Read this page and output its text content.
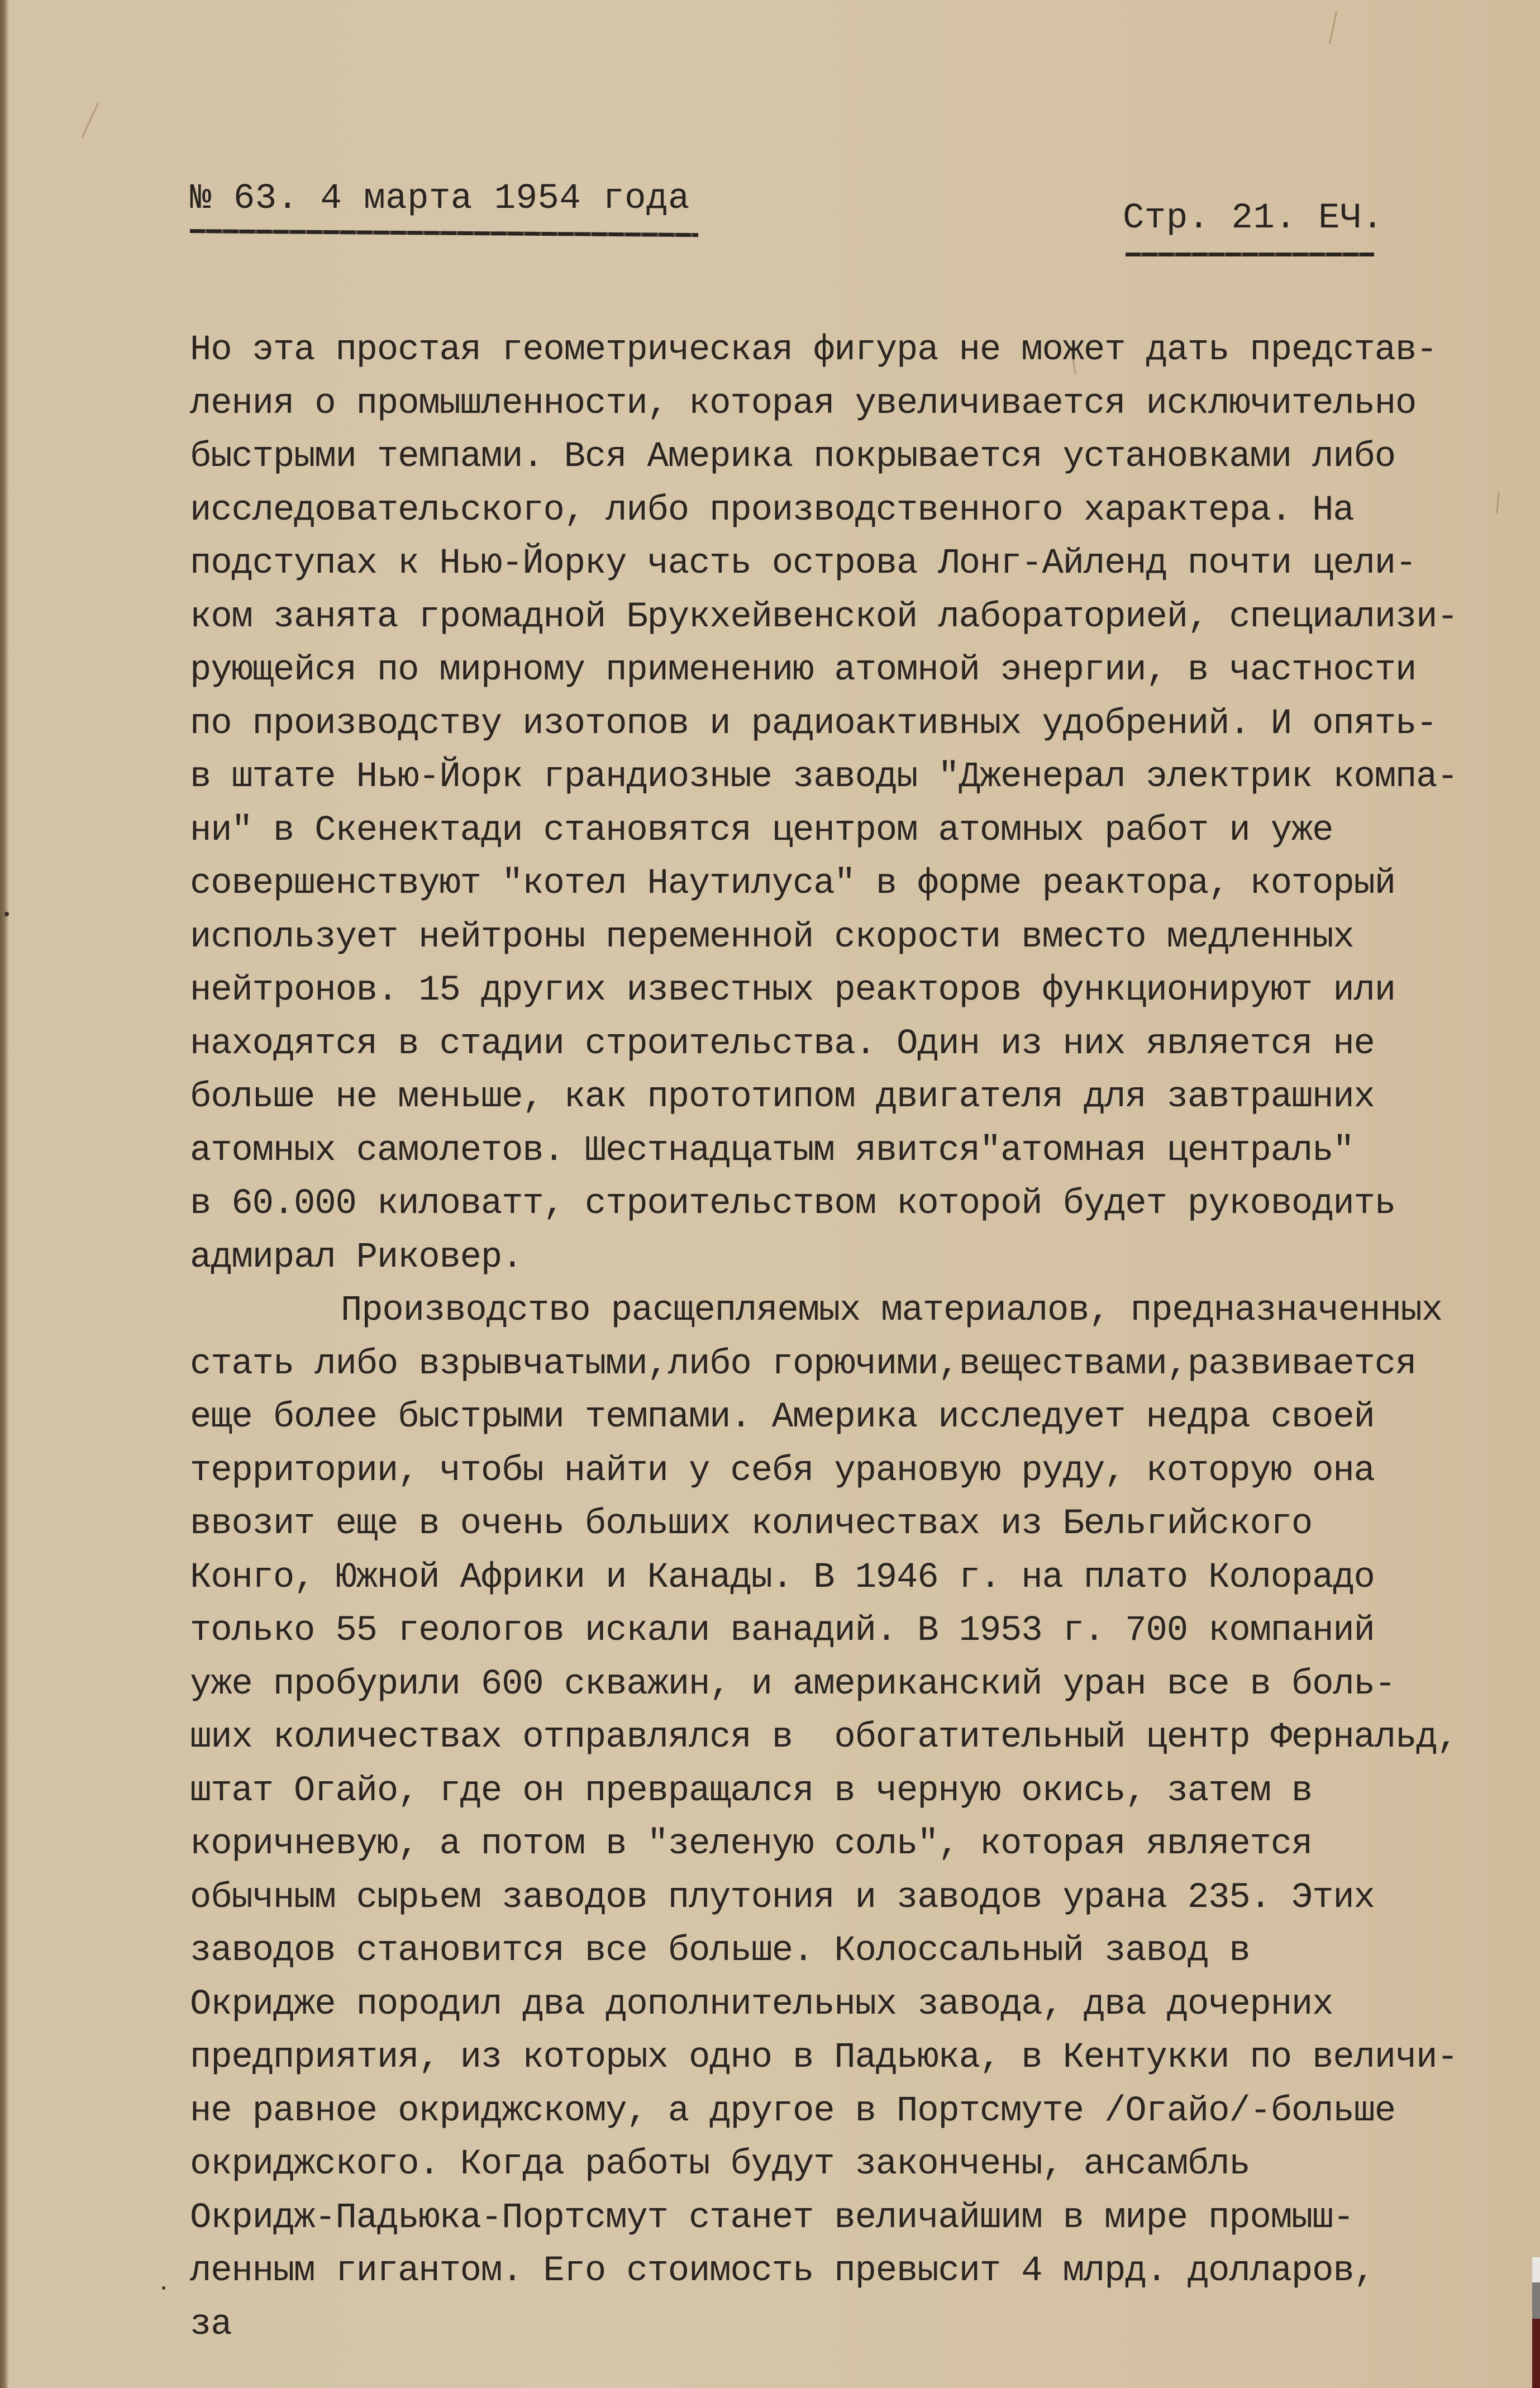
№ 63. 4 марта 1954 года	Стр. 21. ЕЧ.
Но эта простая геометрическая фигура не может дать представ-
ления о промышленности, которая увеличивается исключительно
быстрыми темпами. Вся Америка покрывается установками либо
исследовательского, либо производственного характера. На
подступах к Нью-Йорку часть острова Лонг-Айленд почти цели-
ком занята громадной Брукхейвенской лабораторией, специализи-
рующейся по мирному применению атомной энергии, в частности
по производству изотопов и радиоактивных удобрений. И опять-
в штате Нью-Йорк грандиозные заводы "Дженерал электрик компа-
ни" в Скенектади становятся центром атомных работ и уже
совершенствуют "котел Наутилуса" в форме реактора, который
использует нейтроны переменной скорости вместо медленных
нейтронов. 15 других известных реакторов функционируют или
находятся в стадии строительства. Один из них является не
больше не меньше, как прототипом двигателя для завтрашних
атомных самолетов. Шестнадцатым явится"атомная централь"
в 60.000 киловатт, строительством которой будет руководить
адмирал Риковер.
Производство расщепляемых материалов, предназначенных
стать либо взрывчатыми,либо горючими,веществами,развивается
еще более быстрыми темпами. Америка исследует недра своей
территории, чтобы найти у себя урановую руду, которую она
ввозит еще в очень больших количествах из Бельгийского
Конго, Южной Африки и Канады. В 1946 г. на плато Колорадо
только 55 геологов искали ванадий. В 1953 г. 700 компаний
уже пробурили 600 скважин, и американский уран все в боль-
ших количествах отправлялся в  обогатительный центр Фернальд,
штат Огайо, где он превращался в черную окись, затем в
коричневую, а потом в "зеленую соль", которая является
обычным сырьем заводов плутония и заводов урана 235. Этих
заводов становится все больше. Колоссальный завод в
Окридже породил два дополнительных завода, два дочерних
предприятия, из которых одно в Падьюка, в Кентукки по величи-
не равное окриджскому, а другое в Портсмуте /Огайо/-больше
окриджского. Когда работы будут закончены, ансамбль
Окридж-Падьюка-Портсмут станет величайшим в мире промыш-
ленным гигантом. Его стоимость превысит 4 млрд. долларов,
за
